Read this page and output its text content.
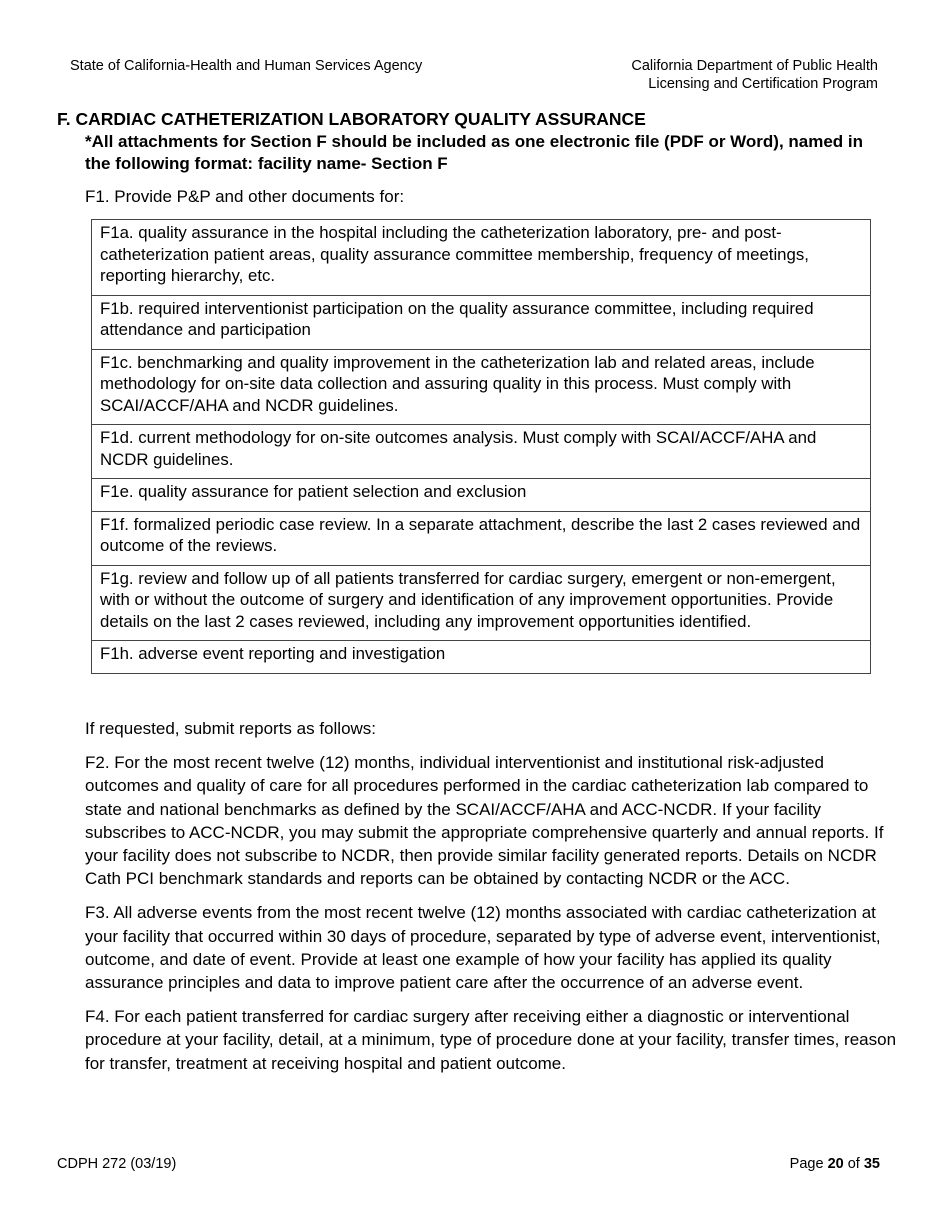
State of California-Health and Human Services Agency	California Department of Public Health
Licensing and Certification Program
F. CARDIAC CATHETERIZATION LABORATORY QUALITY ASSURANCE
*All attachments for Section F should be included as one electronic file (PDF or Word), named in the following format: facility name- Section F
F1. Provide P&P and other documents for:
F1a. quality assurance in the hospital including the catheterization laboratory, pre- and post-catheterization patient areas, quality assurance committee membership, frequency of meetings, reporting hierarchy, etc.
F1b. required interventionist participation on the quality assurance committee, including required attendance and participation
F1c. benchmarking and quality improvement in the catheterization lab and related areas, include methodology for on-site data collection and assuring quality in this process. Must comply with SCAI/ACCF/AHA and NCDR guidelines.
F1d. current methodology for on-site outcomes analysis. Must comply with SCAI/ACCF/AHA and NCDR guidelines.
F1e. quality assurance for patient selection and exclusion
F1f. formalized periodic case review. In a separate attachment, describe the last 2 cases reviewed and outcome of the reviews.
F1g. review and follow up of all patients transferred for cardiac surgery, emergent or non-emergent, with or without the outcome of surgery and identification of any improvement opportunities. Provide details on the last 2 cases reviewed, including any improvement opportunities identified.
F1h. adverse event reporting and investigation

If requested, submit reports as follows:

F2. For the most recent twelve (12) months, individual interventionist and institutional risk-adjusted outcomes and quality of care for all procedures performed in the cardiac catheterization lab compared to state and national benchmarks as defined by the SCAI/ACCF/AHA and ACC-NCDR. If your facility subscribes to ACC-NCDR, you may submit the appropriate comprehensive quarterly and annual reports. If your facility does not subscribe to NCDR, then provide similar facility generated reports. Details on NCDR Cath PCI benchmark standards and reports can be obtained by contacting NCDR or the ACC.

F3. All adverse events from the most recent twelve (12) months associated with cardiac catheterization at your facility that occurred within 30 days of procedure, separated by type of adverse event, interventionist, outcome, and date of event. Provide at least one example of how your facility has applied its quality assurance principles and data to improve patient care after the occurrence of an adverse event.

F4. For each patient transferred for cardiac surgery after receiving either a diagnostic or interventional procedure at your facility, detail, at a minimum, type of procedure done at your facility, transfer times, reason for transfer, treatment at receiving hospital and patient outcome.

CDPH 272 (03/19)	Page 20 of 35
